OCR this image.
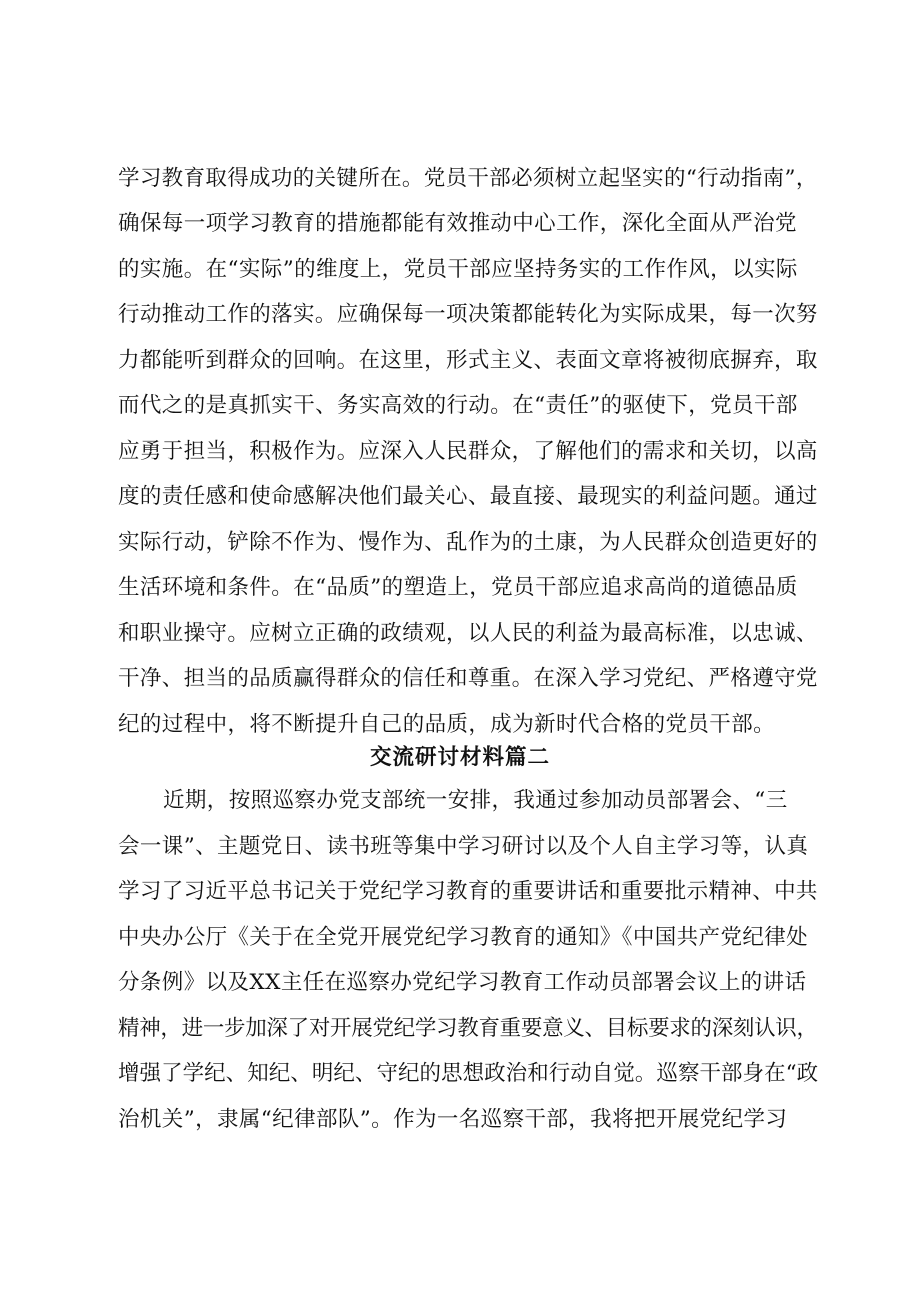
学习教育取得成功的关键所在。党员干部必须树立起坚实的“行动指南”，
确保每一项学习教育的措施都能有效推动中心工作，深化全面从严治党
的实施。在“实际”的维度上，党员干部应坚持务实的工作作风，以实际
行动推动工作的落实。应确保每一项决策都能转化为实际成果，每一次努
力都能听到群众的回响。在这里，形式主义、表面文章将被彻底摒弃，取
而代之的是真抓实干、务实高效的行动。在“责任”的驱使下，党员干部
应勇于担当，积极作为。应深入人民群众，了解他们的需求和关切，以高
度的责任感和使命感解决他们最关心、最直接、最现实的利益问题。通过
实际行动，铲除不作为、慢作为、乱作为的土康，为人民群众创造更好的
生活环境和条件。在“品质”的塑造上，党员干部应追求高尚的道德品质
和职业操守。应树立正确的政绩观，以人民的利益为最高标准，以忠诚、
干净、担当的品质赢得群众的信任和尊重。在深入学习党纪、严格遵守党
纪的过程中，将不断提升自己的品质，成为新时代合格的党员干部。
交流研讨材料篇二
近期，按照巡察办党支部统一安排，我通过参加动员部署会、“三
会一课”、主题党日、读书班等集中学习研讨以及个人自主学习等，认真
学习了习近平总书记关于党纪学习教育的重要讲话和重要批示精神、中共
中央办公厅《关于在全党开展党纪学习教育的通知》《中国共产党纪律处
分条例》以及XX主任在巡察办党纪学习教育工作动员部署会议上的讲话
精神，进一步加深了对开展党纪学习教育重要意义、目标要求的深刻认识，
增强了学纪、知纪、明纪、守纪的思想政治和行动自觉。巡察干部身在“政
治机关”，隶属“纪律部队”。作为一名巡察干部，我将把开展党纪学习
